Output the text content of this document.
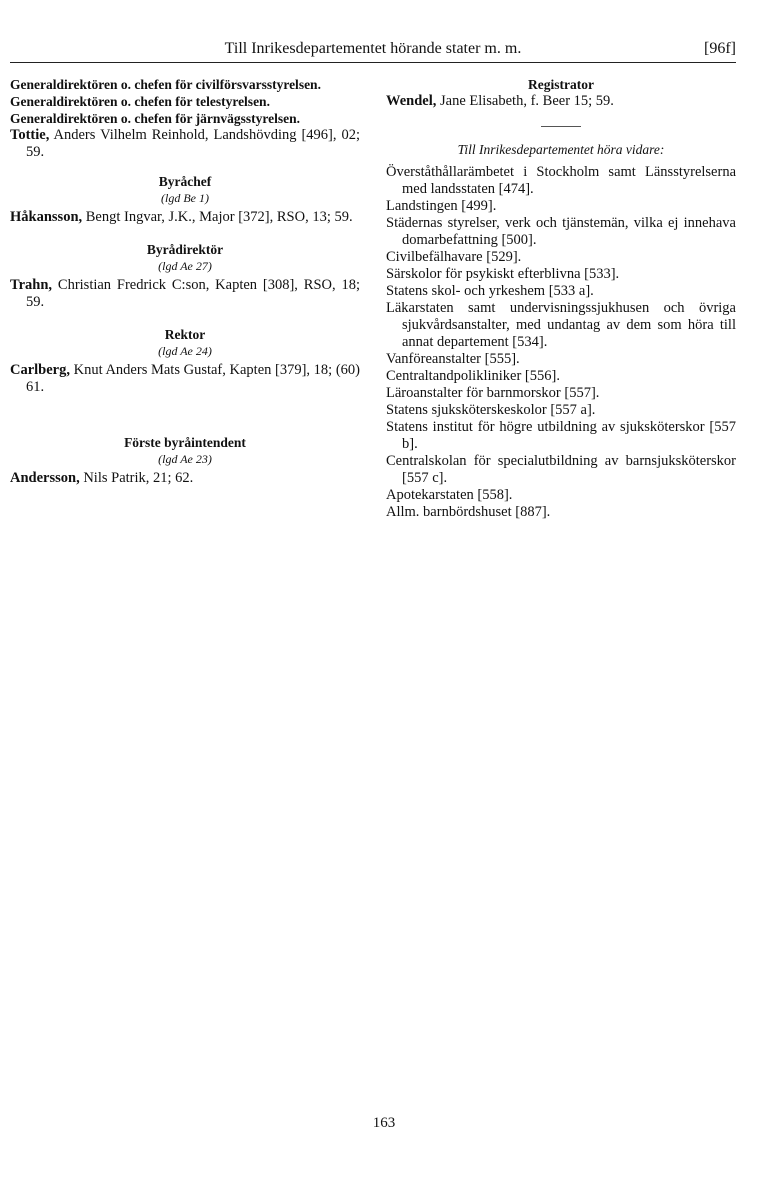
Till Inrikesdepartementet hörande stater m. m.	[96f]

Generaldirektören o. chefen för civilförsvarsstyrelsen.

Generaldirektören o. chefen för telestyrelsen.

Generaldirektören o. chefen för järnvägsstyrelsen.

Tottie, Anders Vilhelm Reinhold, Landshövding [496], 02; 59.

Byråchef

(lgd Be 1)

Håkansson, Bengt Ingvar, J.K., Major [372], RSO, 13; 59.

Byrådirektör

(lgd Ae 27)

Trahn, Christian Fredrick C:son, Kapten [308], RSO, 18; 59.

Rektor

(lgd Ae 24)

Carlberg, Knut Anders Mats Gustaf, Kapten [379], 18; (60) 61.

Förste byråintendent

(lgd Ae 23)

Andersson, Nils Patrik, 21; 62.

Registrator

Wendel, Jane Elisabeth, f. Beer 15; 59.

Till Inrikesdepartementet höra vidare:

Överståthållarämbetet i Stockholm samt Länsstyrelserna med landsstaten [474].

Landstingen [499].

Städernas styrelser, verk och tjänstemän, vilka ej innehava domarbefattning [500].

Civilbefälhavare [529].

Särskolor för psykiskt efterblivna [533].

Statens skol- och yrkeshem [533 a].

Läkarstaten samt undervisningssjukhusen och övriga sjukvårdsanstalter, med undantag av dem som höra till annat departement [534].

Vanföreanstalter [555].

Centraltandpolikliniker [556].

Läroanstalter för barnmorskor [557].

Statens sjuksköterskeskolor [557 a].

Statens institut för högre utbildning av sjuksköterskor [557 b].

Centralskolan för specialutbildning av barnsjuksköterskor [557 c].

Apotekarstaten [558].

Allm. barnbördshuset [887].

163
